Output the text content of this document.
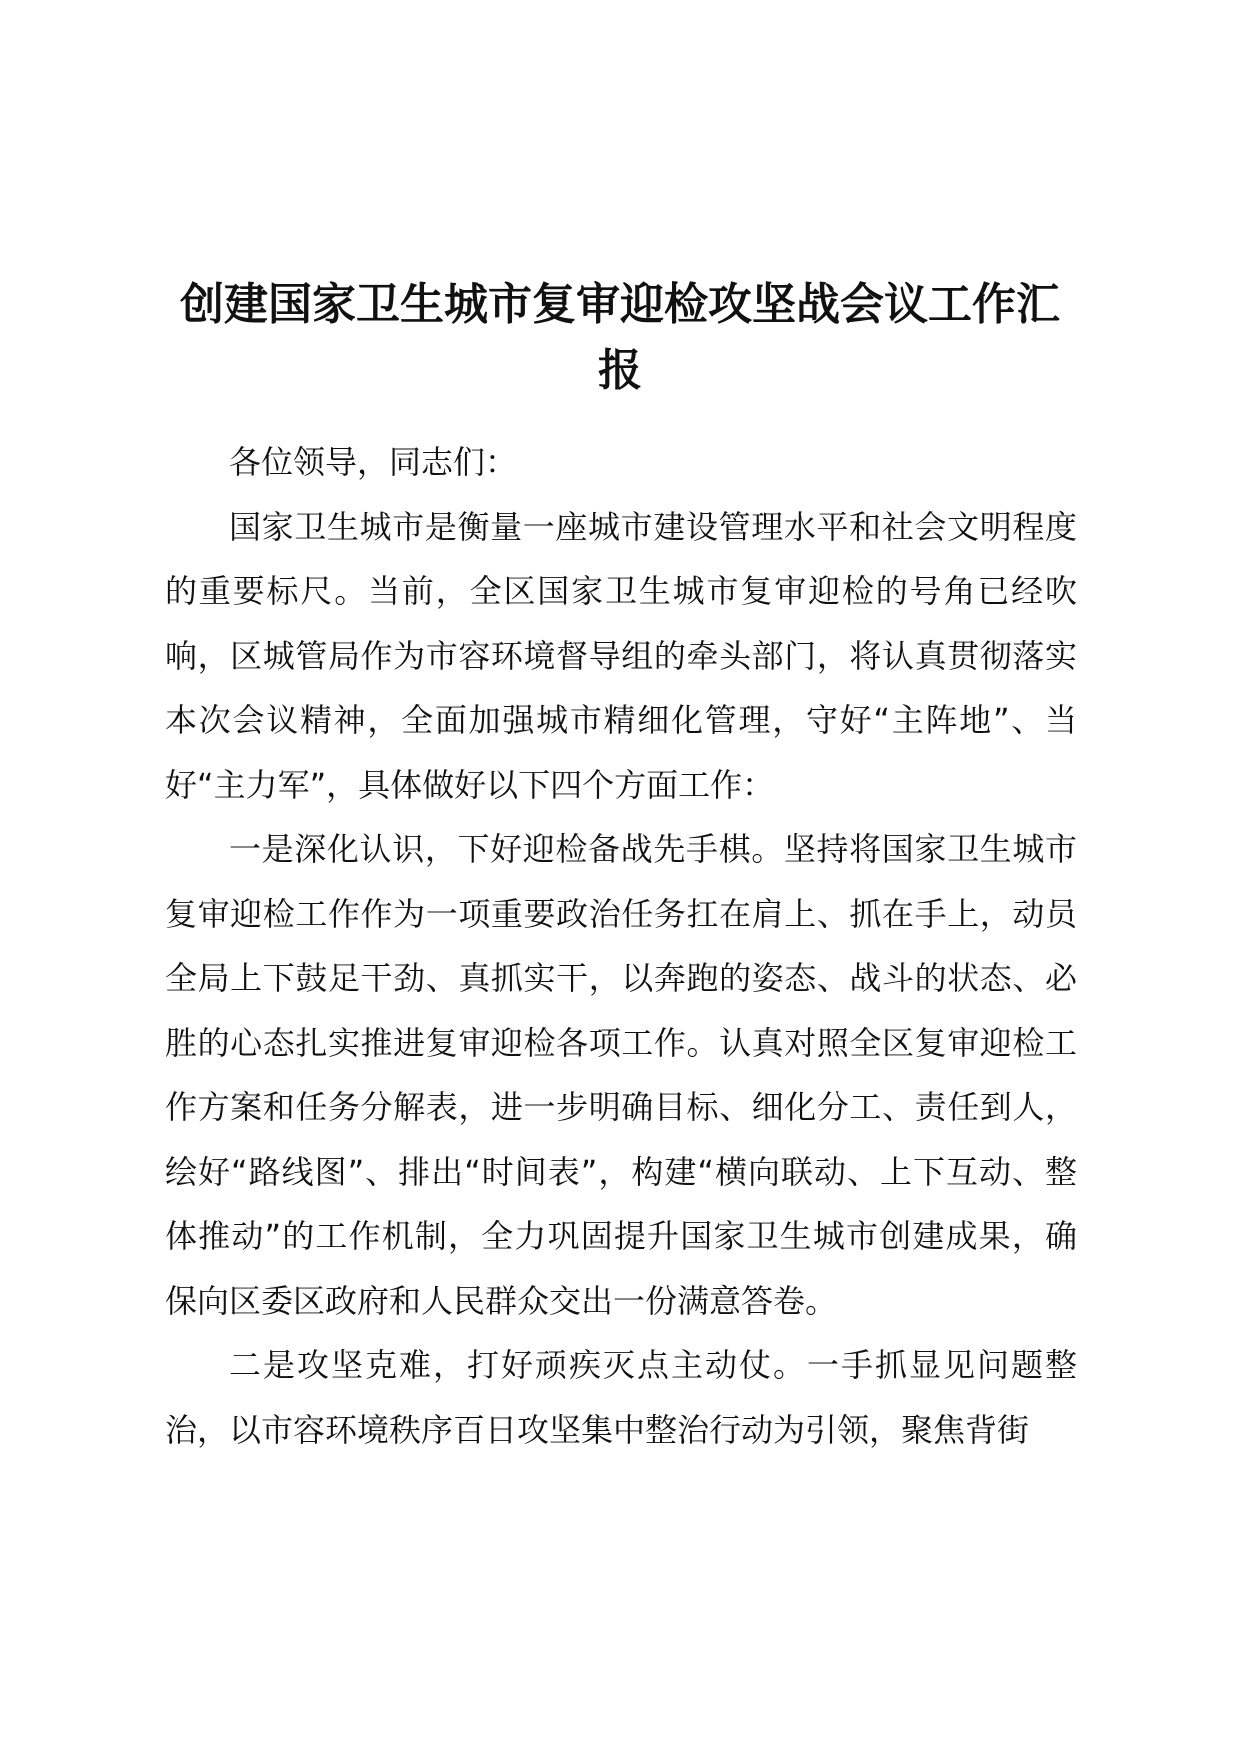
创建国家卫生城市复审迎检攻坚战会议工作汇报

各位领导，同志们：

国家卫生城市是衡量一座城市建设管理水平和社会文明程度的重要标尺。当前，全区国家卫生城市复审迎检的号角已经吹响，区城管局作为市容环境督导组的牵头部门，将认真贯彻落实本次会议精神，全面加强城市精细化管理，守好“主阵地”、当好“主力军”，具体做好以下四个方面工作：

一是深化认识，下好迎检备战先手棋。坚持将国家卫生城市复审迎检工作作为一项重要政治任务扛在肩上、抓在手上，动员全局上下鼓足干劲、真抓实干，以奔跑的姿态、战斗的状态、必胜的心态扎实推进复审迎检各项工作。认真对照全区复审迎检工作方案和任务分解表，进一步明确目标、细化分工、责任到人，绘好“路线图”、排出“时间表”，构建“横向联动、上下互动、整体推动”的工作机制，全力巩固提升国家卫生城市创建成果，确保向区委区政府和人民群众交出一份满意答卷。

二是攻坚克难，打好顽疾灭点主动仗。一手抓显见问题整治，以市容环境秩序百日攻坚集中整治行动为引领，聚焦背街
